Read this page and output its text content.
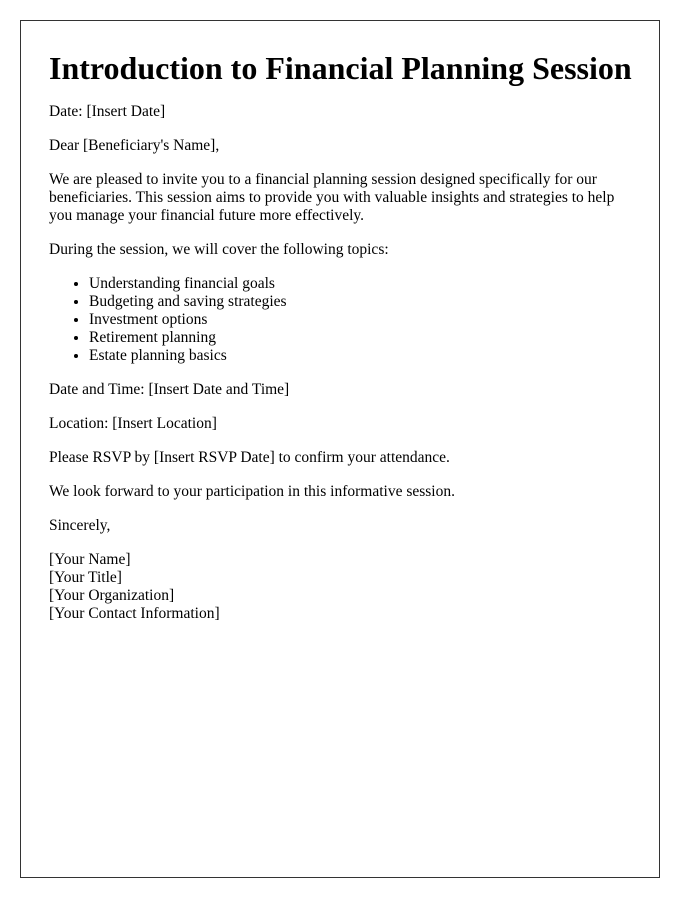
Introduction to Financial Planning Session

Date: [Insert Date]

Dear [Beneficiary's Name],

We are pleased to invite you to a financial planning session designed specifically for our beneficiaries. This session aims to provide you with valuable insights and strategies to help you manage your financial future more effectively.

During the session, we will cover the following topics:

• Understanding financial goals
• Budgeting and saving strategies
• Investment options
• Retirement planning
• Estate planning basics

Date and Time: [Insert Date and Time]

Location: [Insert Location]

Please RSVP by [Insert RSVP Date] to confirm your attendance.

We look forward to your participation in this informative session.

Sincerely,

[Your Name]

[Your Title]

[Your Organization]

[Your Contact Information]
